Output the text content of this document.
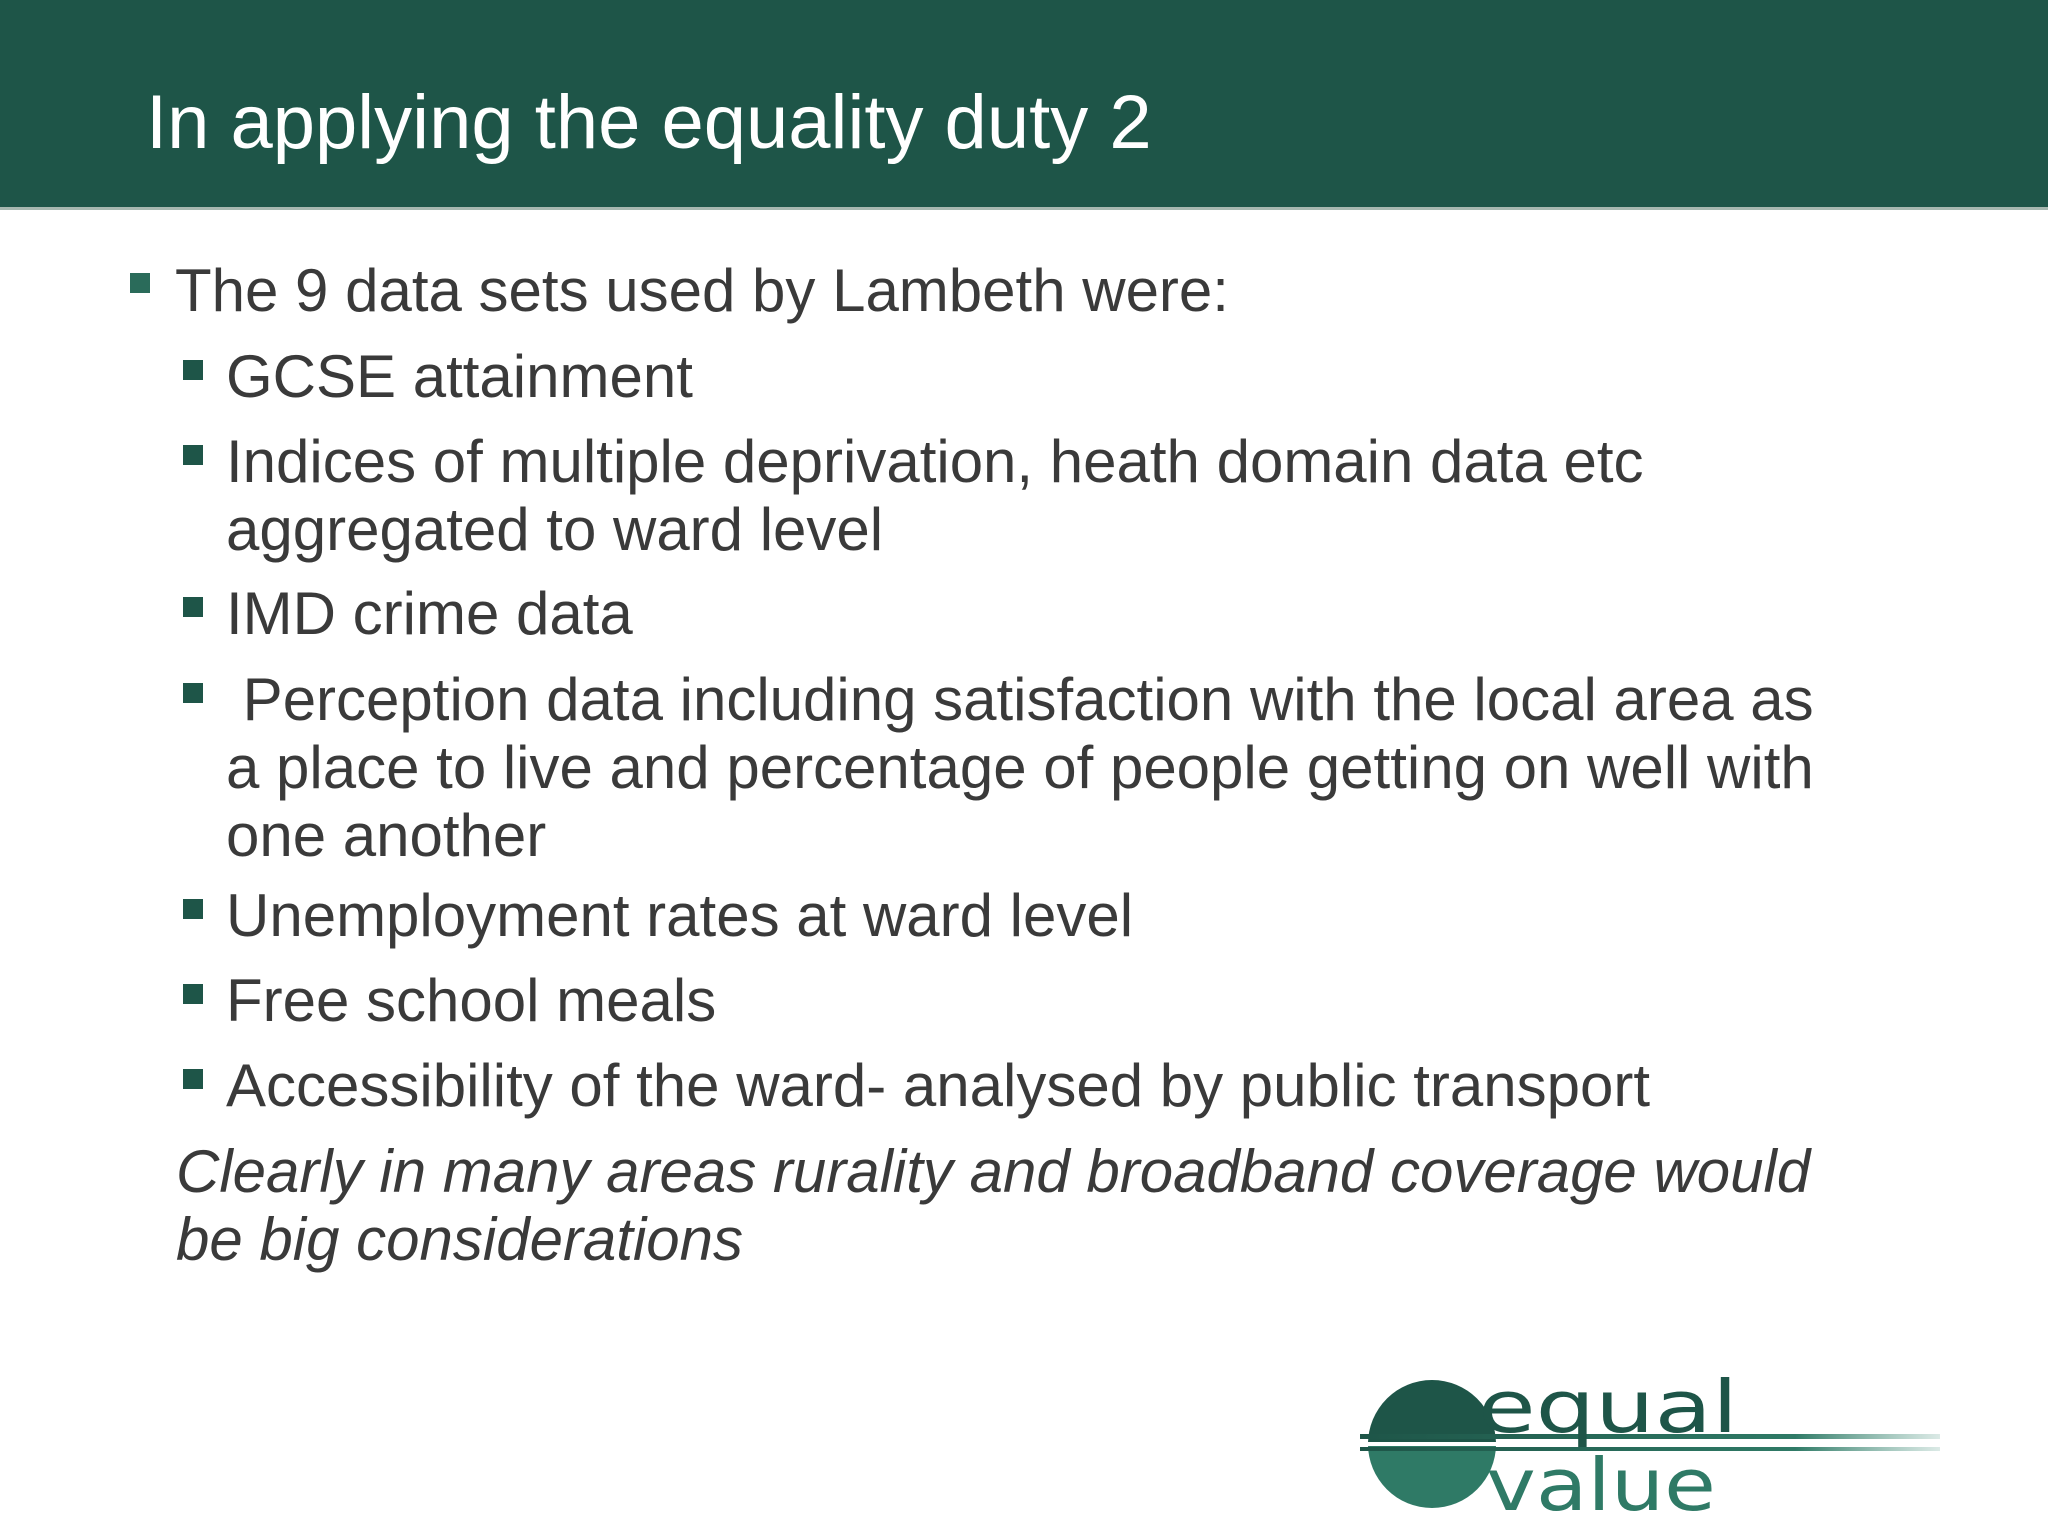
In applying the equality duty 2
The 9 data sets used by Lambeth were:
GCSE attainment
Indices of multiple deprivation, heath domain data etc
aggregated to ward level
IMD crime data
Perception data including satisfaction with the local area as
a place to live and percentage of people getting on well with
one another
Unemployment rates at ward level
Free school meals
Accessibility of the ward- analysed by public transport
Clearly in many areas rurality and broadband coverage would
be big considerations
equal
value
